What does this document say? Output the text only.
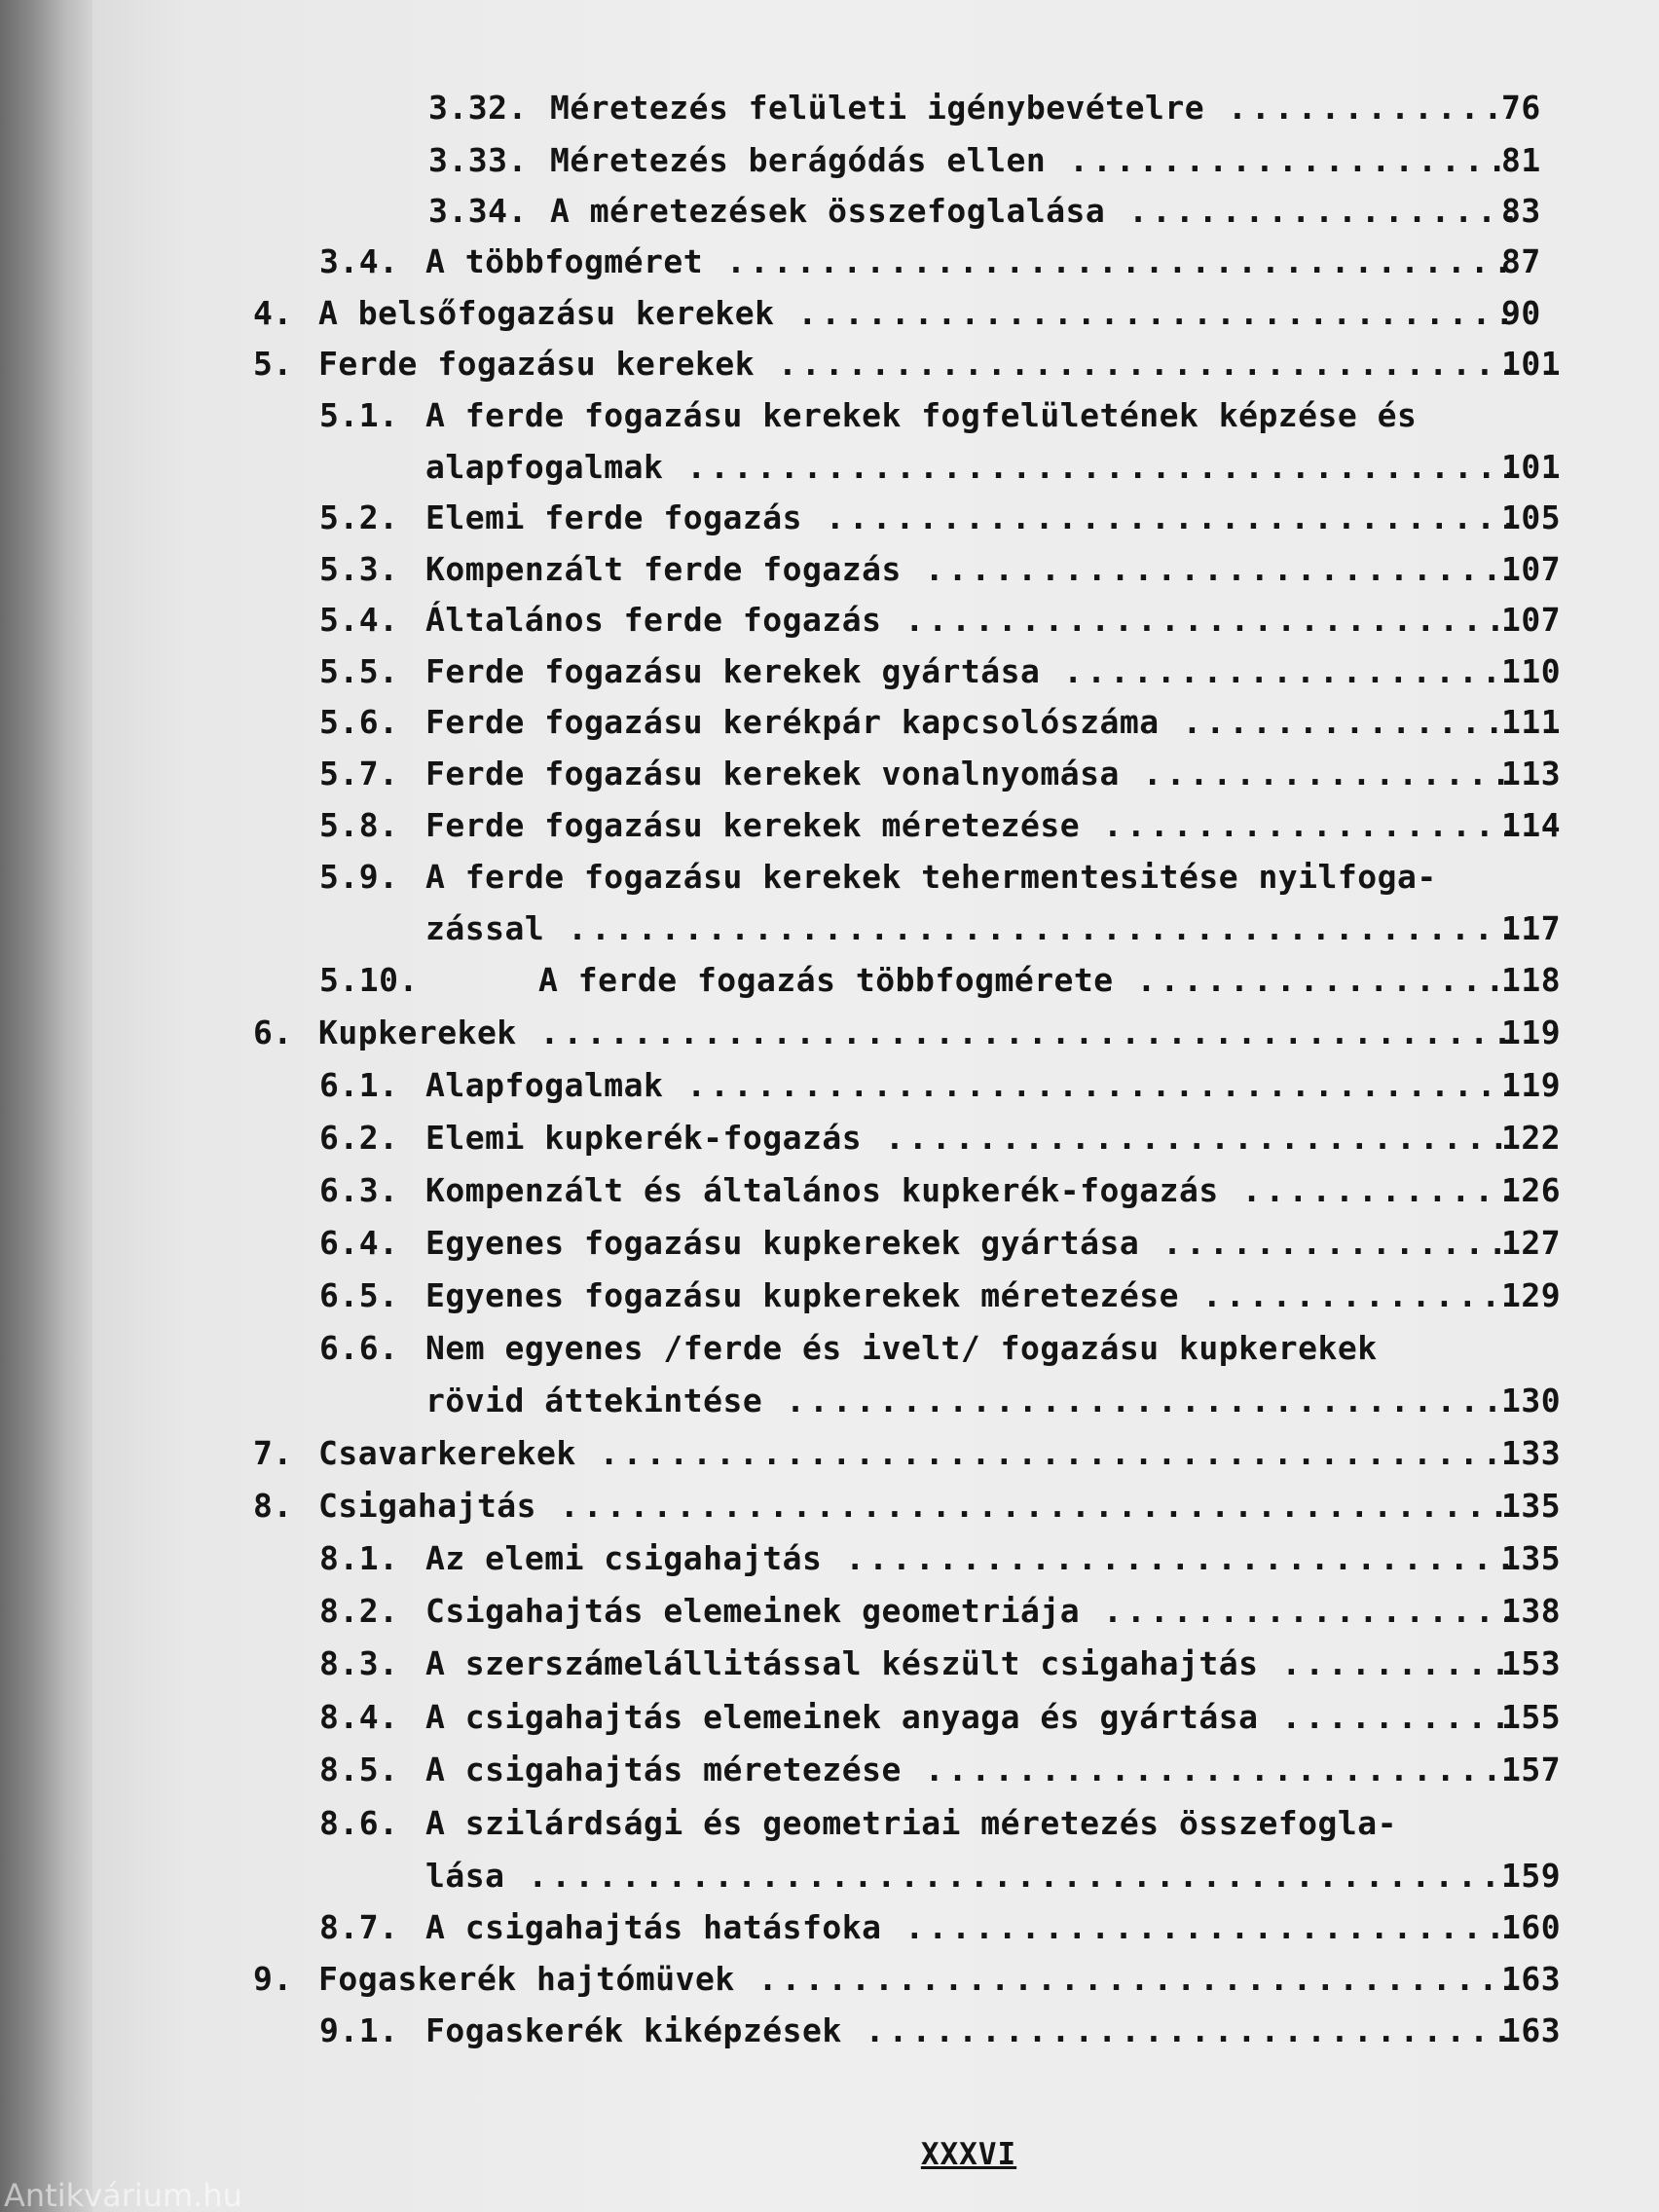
3.32. Méretezés felületi igénybevételre .....	76
3.33. Méretezés berágódás ellen .....	81
3.34. A méretezések összefoglalása .....	83
3.4. A többfogméret .....	87
4. A belsőfogazásu kerekek .....	90
5. Ferde fogazásu kerekek .....	101
5.1. A ferde fogazásu kerekek fogfelületének képzése és
alapfogalmak .....	101
5.2. Elemi ferde fogazás .....	105
5.3. Kompenzált ferde fogazás .....	107
5.4. Általános ferde fogazás .....	107
5.5. Ferde fogazásu kerekek gyártása .....	110
5.6. Ferde fogazásu kerékpár kapcsolószáma .....	111
5.7. Ferde fogazásu kerekek vonalnyomása .....	113
5.8. Ferde fogazásu kerekek méretezése .....	114
5.9. A ferde fogazásu kerekek tehermentesitése nyilfoga-
zással .....	117
5.10.	A ferde fogazás többfogmérete .....	118
6. Kupkerekek .....	119
6.1. Alapfogalmak .....	119
6.2. Elemi kupkerék-fogazás .....	122
6.3. Kompenzált és általános kupkerék-fogazás .....	126
6.4. Egyenes fogazásu kupkerekek gyártása .....	127
6.5. Egyenes fogazásu kupkerekek méretezése .....	129
6.6. Nem egyenes /ferde és ivelt/ fogazásu kupkerekek
rövid áttekintése .....	130
7. Csavarkerekek .....	133
8. Csigahajtás .....	135
8.1. Az elemi csigahajtás .....	135
8.2. Csigahajtás elemeinek geometriája .....	138
8.3. A szerszámelállitással készült csigahajtás .....	153
8.4. A csigahajtás elemeinek anyaga és gyártása .....	155
8.5. A csigahajtás méretezése .....	157
8.6. A szilárdsági és geometriai méretezés összefogla-
lása .....	159
8.7. A csigahajtás hatásfoka .....	160
9. Fogaskerék hajtómüvek .....	163
9.1. Fogaskerék kiképzések .....	163
XXXVI
Antikvárium.hu
